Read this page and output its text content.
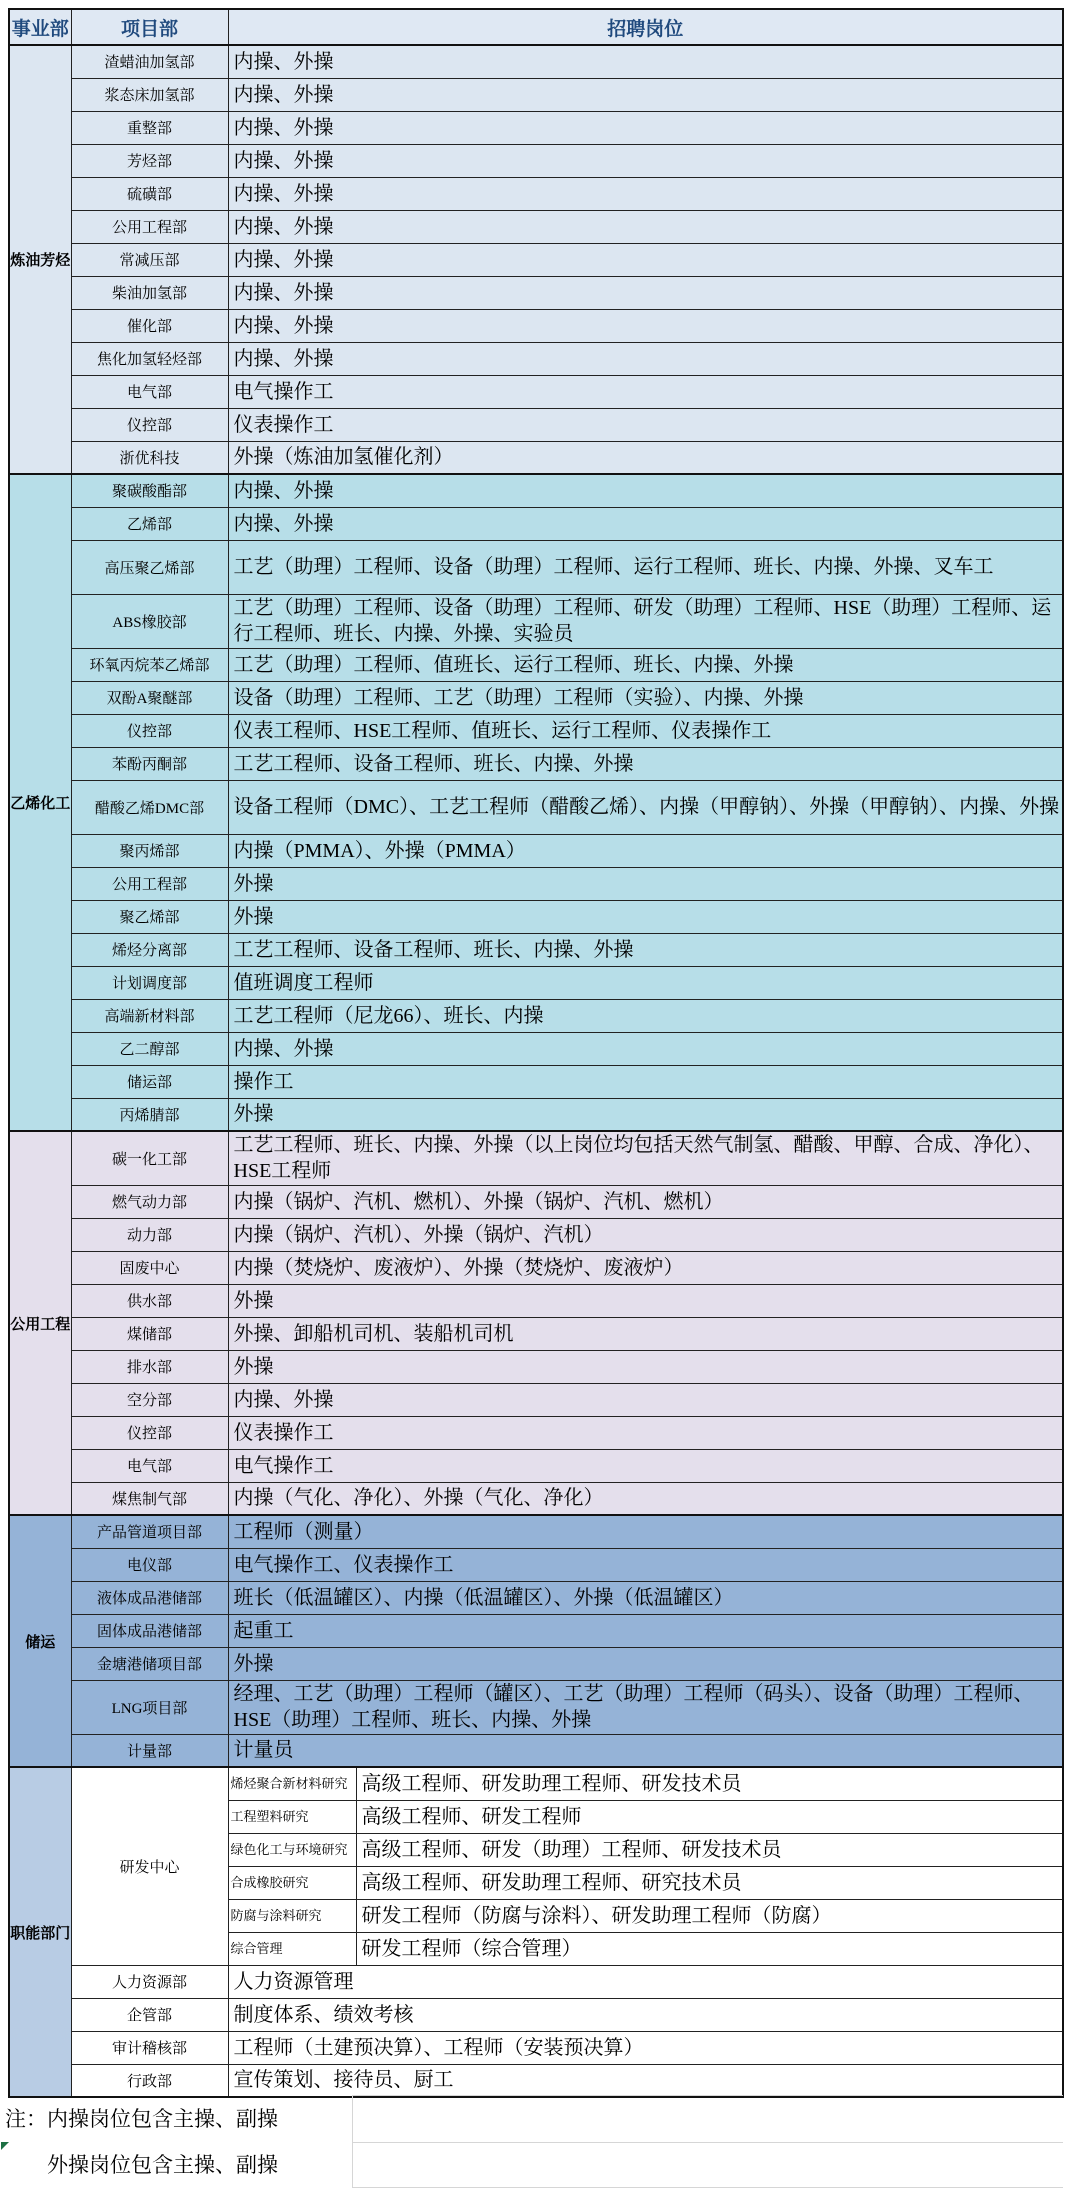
事业部	项目部	招聘岗位	
炼油芳烃	渣蜡油加氢部	内操、外操	
	浆态床加氢部	内操、外操	
	重整部	内操、外操	
	芳烃部	内操、外操	
	硫磺部	内操、外操	
	公用工程部	内操、外操	
	常减压部	内操、外操	
	柴油加氢部	内操、外操	
	催化部	内操、外操	
	焦化加氢轻烃部	内操、外操	
	电气部	电气操作工	
	仪控部	仪表操作工	
	浙优科技	外操（炼油加氢催化剂）	
乙烯化工	聚碳酸酯部	内操、外操	
	乙烯部	内操、外操	
	高压聚乙烯部	工艺（助理）工程师、设备（助理）工程师、运行工程师、班长、内操、外操、叉车工	
	ABS橡胶部	工艺（助理）工程师、设备（助理）工程师、研发（助理）工程师、HSE（助理）工程师、运行工程师、班长、内操、外操、实验员	
	环氧丙烷苯乙烯部	工艺（助理）工程师、值班长、运行工程师、班长、内操、外操	
	双酚A聚醚部	设备（助理）工程师、工艺（助理）工程师（实验）、内操、外操	
	仪控部	仪表工程师、HSE工程师、值班长、运行工程师、仪表操作工	
	苯酚丙酮部	工艺工程师、设备工程师、班长、内操、外操	
	醋酸乙烯DMC部	设备工程师（DMC）、工艺工程师（醋酸乙烯）、内操（甲醇钠）、外操（甲醇钠）、内操、外操	
	聚丙烯部	内操（PMMA）、外操（PMMA）	
	公用工程部	外操	
	聚乙烯部	外操	
	烯烃分离部	工艺工程师、设备工程师、班长、内操、外操	
	计划调度部	值班调度工程师	
	高端新材料部	工艺工程师（尼龙66）、班长、内操	
	乙二醇部	内操、外操	
	储运部	操作工	
	丙烯腈部	外操	
公用工程	碳一化工部	工艺工程师、班长、内操、外操（以上岗位均包括天然气制氢、醋酸、甲醇、合成、净化）、HSE工程师	
	燃气动力部	内操（锅炉、汽机、燃机）、外操（锅炉、汽机、燃机）	
	动力部	内操（锅炉、汽机）、外操（锅炉、汽机）	
	固废中心	内操（焚烧炉、废液炉）、外操（焚烧炉、废液炉）	
	供水部	外操	
	煤储部	外操、卸船机司机、装船机司机	
	排水部	外操	
	空分部	内操、外操	
	仪控部	仪表操作工	
	电气部	电气操作工	
	煤焦制气部	内操（气化、净化）、外操（气化、净化）	
储运	产品管道项目部	工程师（测量）	
	电仪部	电气操作工、仪表操作工	
	液体成品港储部	班长（低温罐区）、内操（低温罐区）、外操（低温罐区）	
	固体成品港储部	起重工	
	金塘港储项目部	外操	
	LNG项目部	经理、工艺（助理）工程师（罐区）、工艺（助理）工程师（码头）、设备（助理）工程师、HSE（助理）工程师、班长、内操、外操	
	计量部	计量员	
职能部门	研发中心	烯烃聚合新材料研究	高级工程师、研发助理工程师、研发技术员
		工程塑料研究	高级工程师、研发工程师
		绿色化工与环境研究	高级工程师、研发（助理）工程师、研发技术员
		合成橡胶研究	高级工程师、研发助理工程师、研究技术员
		防腐与涂料研究	研发工程师（防腐与涂料）、研发助理工程师（防腐）
		综合管理	研发工程师（综合管理）
	人力资源部	人力资源管理	
	企管部	制度体系、绩效考核	
	审计稽核部	工程师（土建预决算）、工程师（安装预决算）	
	行政部	宣传策划、接待员、厨工	
注：内操岗位包含主操、副操
外操岗位包含主操、副操
